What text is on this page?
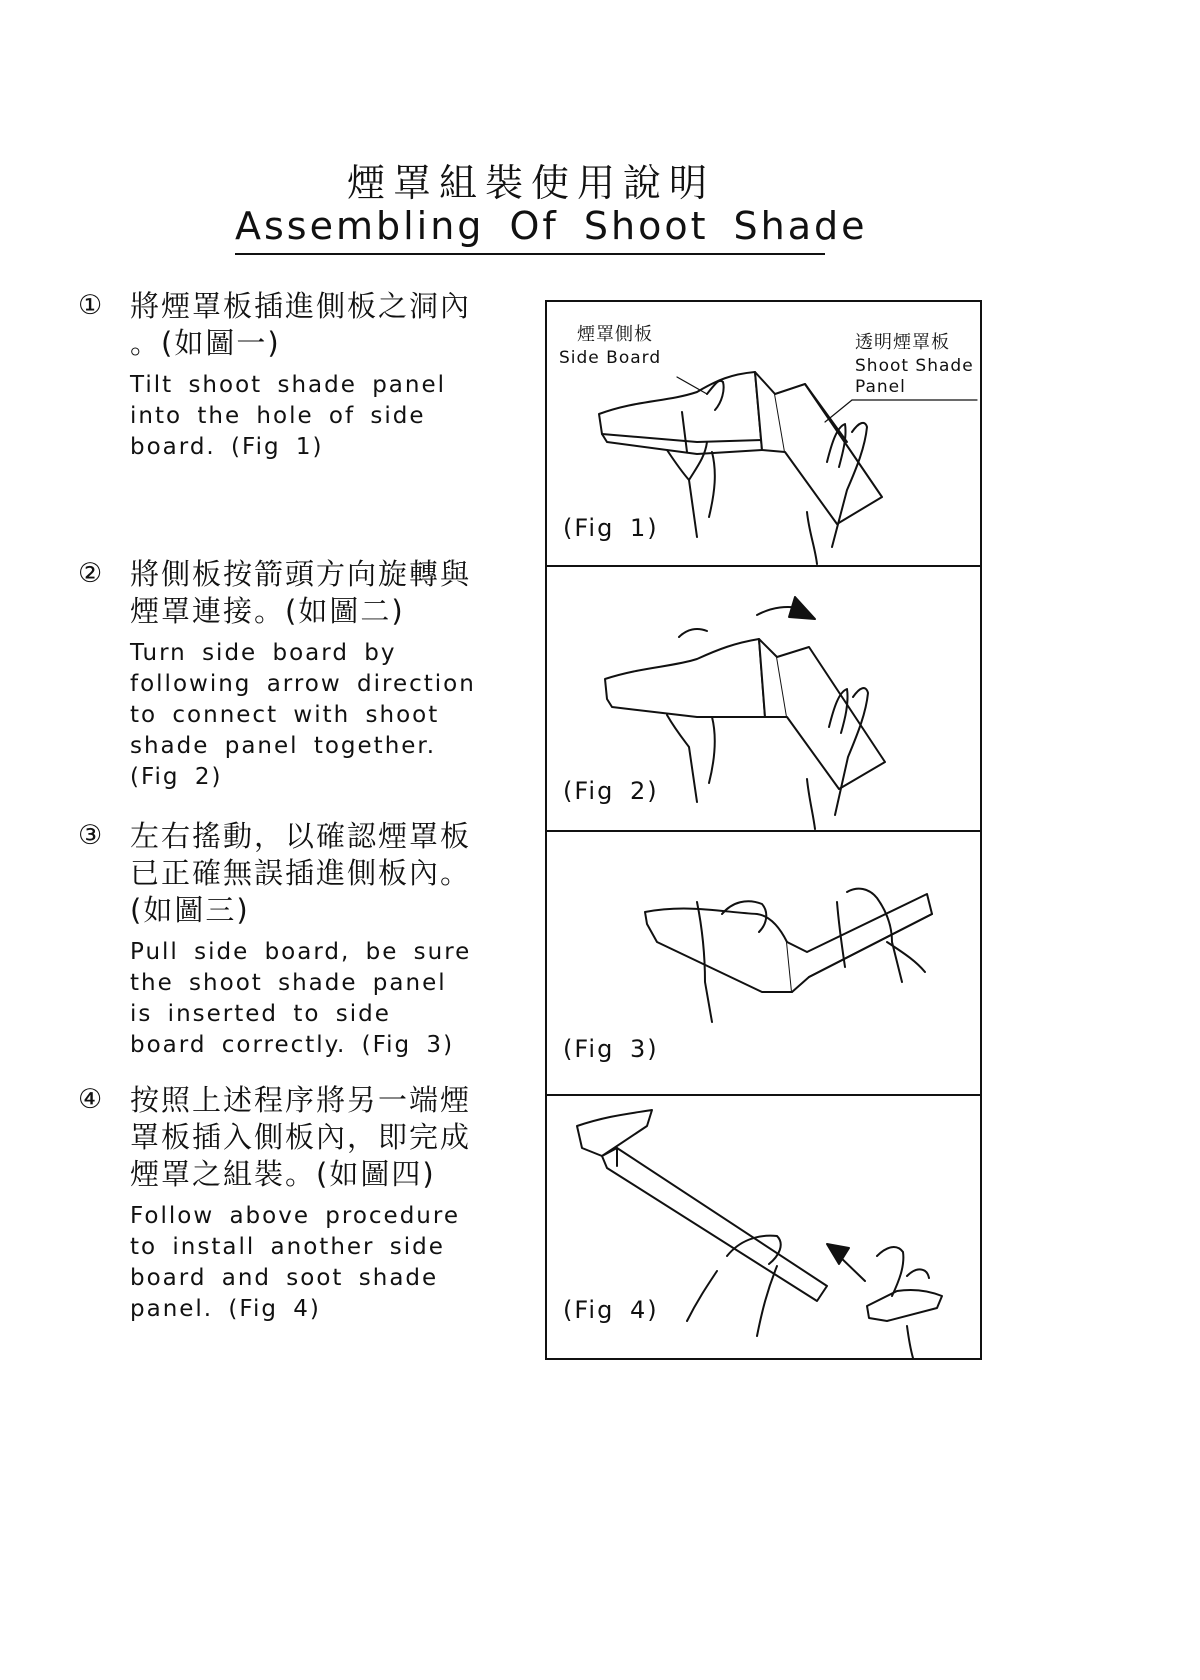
煙罩組裝使用說明
Assembling Of Shoot Shade
① 將煙罩板插進側板之洞內 。(如圖一)
Tilt shoot shade panel into the hole of side board. (Fig 1)
② 將側板按箭頭方向旋轉與煙罩連接。(如圖二)
Turn side board by following arrow direction to connect with shoot shade panel together. (Fig 2)
③ 左右搖動，以確認煙罩板已正確無誤插進側板內。(如圖三)
Pull side board, be sure the shoot shade panel is inserted to side board correctly. (Fig 3)
④ 按照上述程序將另一端煙罩板插入側板內，即完成煙罩之組裝。(如圖四)
Follow above procedure to install another side board and soot shade panel. (Fig 4)
煙罩側板
Side Board
透明煙罩板
Shoot Shade Panel
(Fig 1)
(Fig 2)
(Fig 3)
(Fig 4)
